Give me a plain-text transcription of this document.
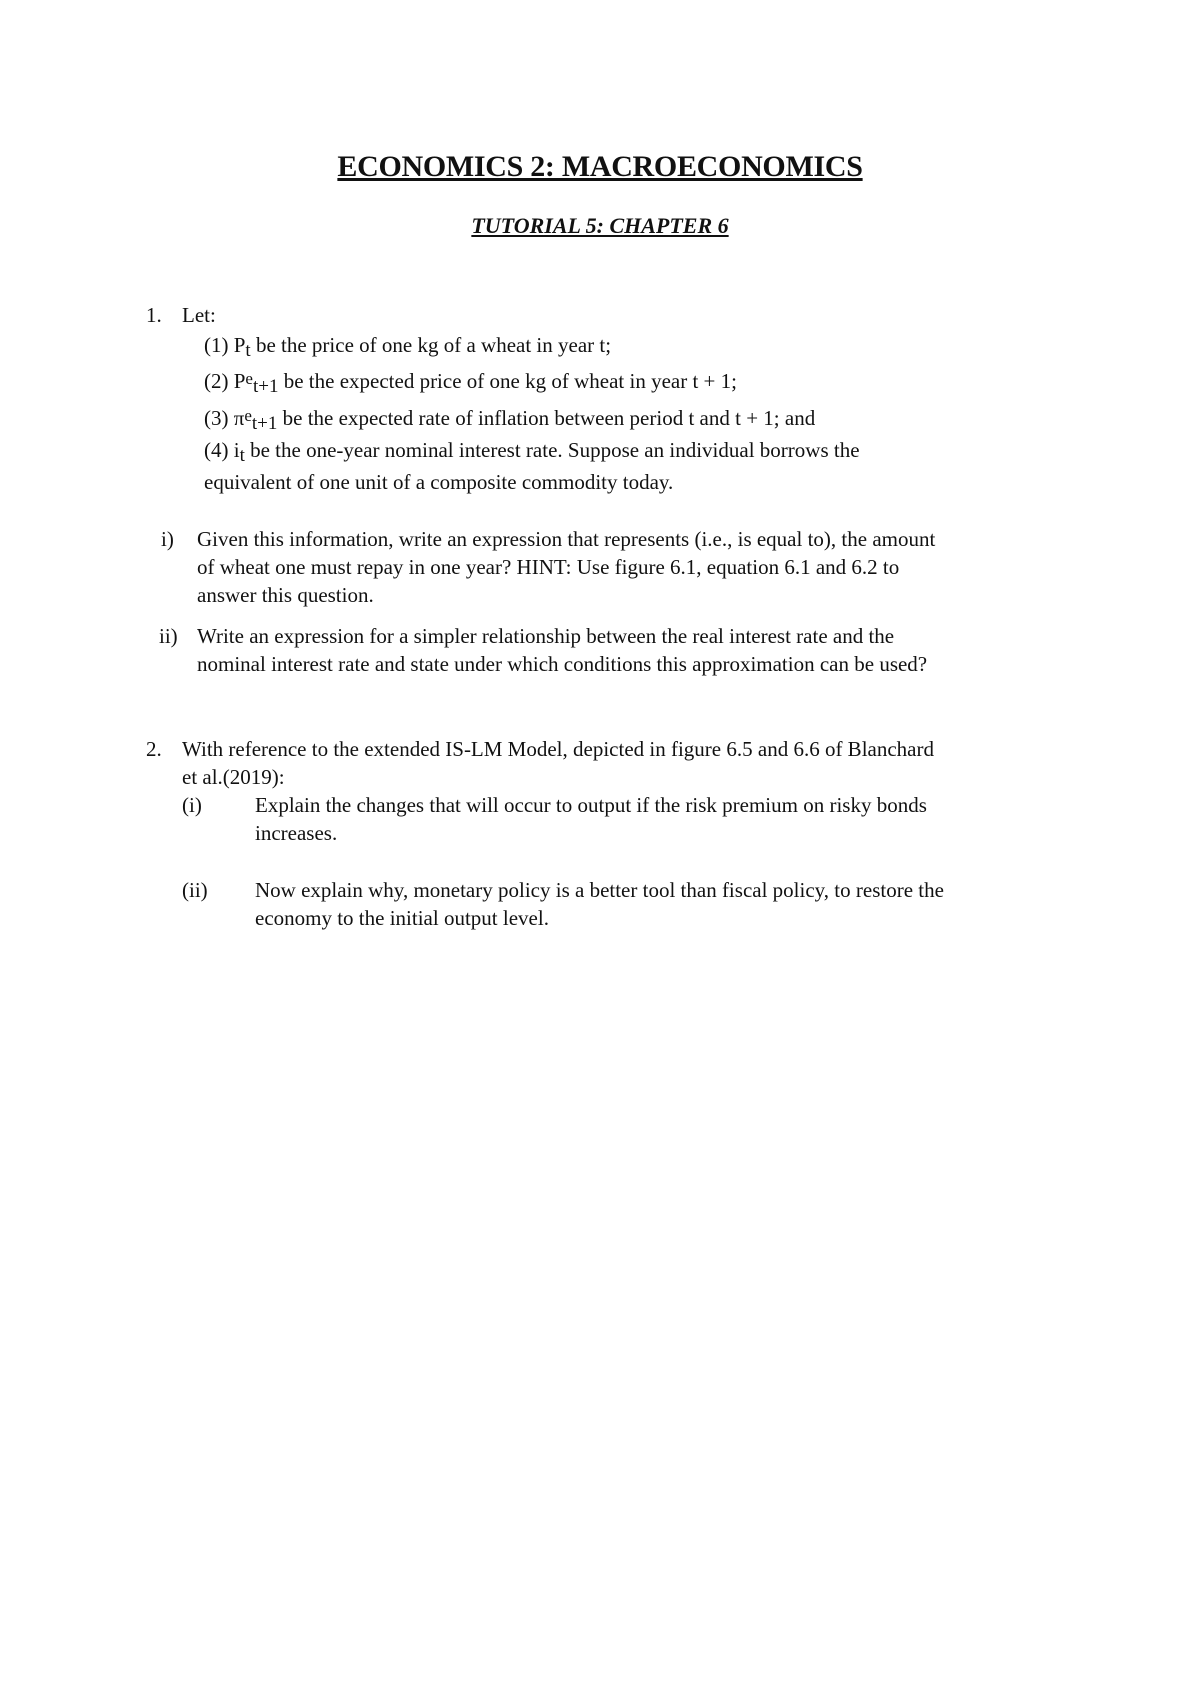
ECONOMICS 2: MACROECONOMICS
TUTORIAL 5: CHAPTER 6
1. Let:
(1) Pt be the price of one kg of a wheat in year t;
(2) Pet+1 be the expected price of one kg of wheat in year t + 1;
(3) πet+1 be the expected rate of inflation between period t and t + 1; and
(4) it be the one-year nominal interest rate. Suppose an individual borrows the
equivalent of one unit of a composite commodity today.
i) Given this information, write an expression that represents (i.e., is equal to), the amount
of wheat one must repay in one year? HINT: Use figure 6.1, equation 6.1 and 6.2 to
answer this question.
ii) Write an expression for a simpler relationship between the real interest rate and the
nominal interest rate and state under which conditions this approximation can be used?
2. With reference to the extended IS-LM Model, depicted in figure 6.5 and 6.6 of Blanchard
et al.(2019):
(i)	Explain the changes that will occur to output if the risk premium on risky bonds
increases.
(ii) Now explain why, monetary policy is a better tool than fiscal policy, to restore the
economy to the initial output level.
